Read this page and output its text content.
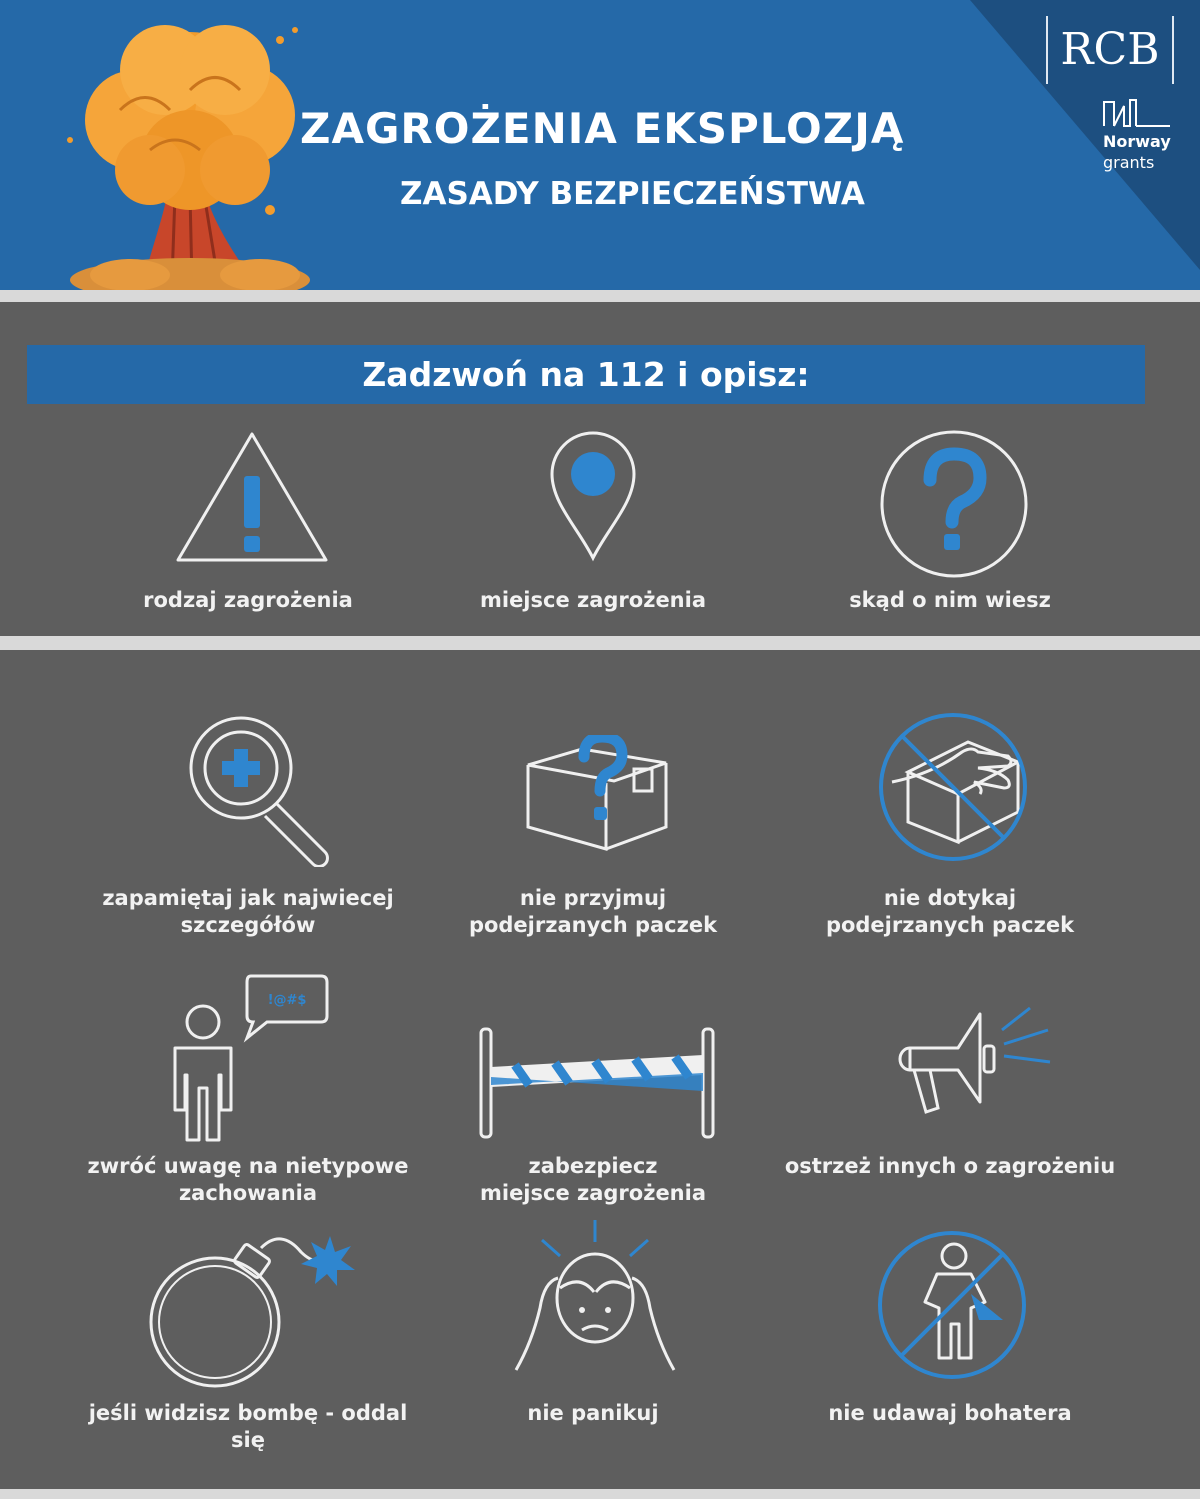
ZAGROŻENIA EKSPLOZJĄ
ZASADY BEZPIECZEŃSTWA
RCB
Norway
grants
Zadzwoń na 112 i opisz:
rodzaj zagrożenia	miejsce zagrożenia	skąd o nim wiesz
zapamiętaj jak najwiecej
szczegółów
nie przyjmuj
podejrzanych paczek
nie dotykaj
podejrzanych paczek
!@#$
zwróć uwagę na nietypowe
zachowania
zabezpiecz
miejsce zagrożenia
ostrzeż innych o zagrożeniu
jeśli widzisz bombę - oddal się
nie panikuj	nie udawaj bohatera
